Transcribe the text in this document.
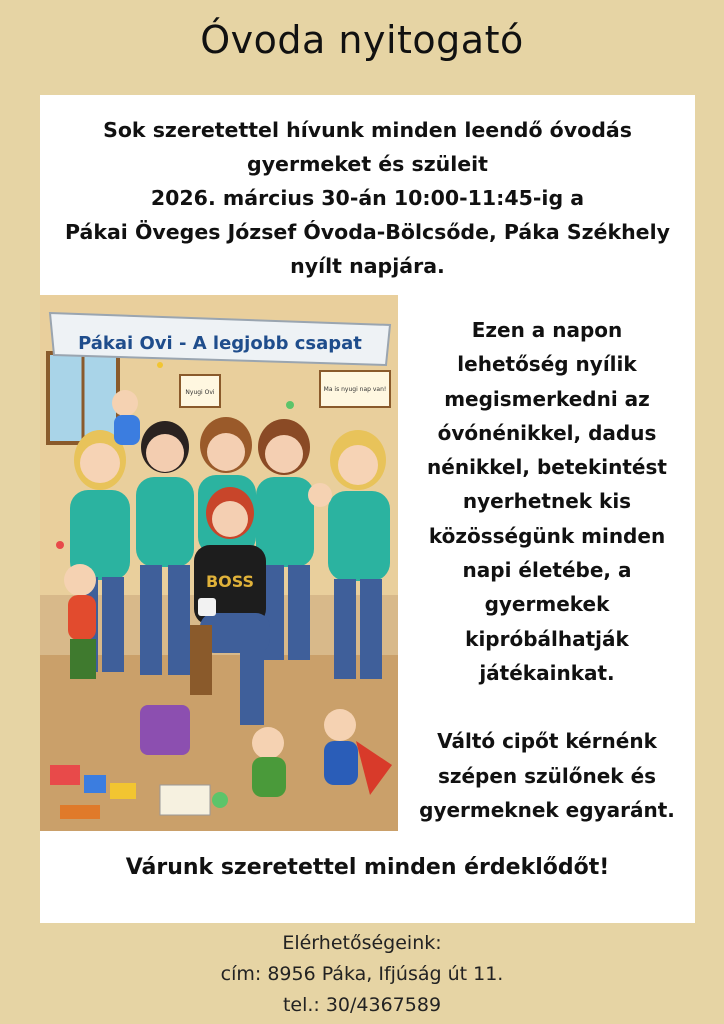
Óvoda nyitogató
Sok szeretettel hívunk minden leendő óvodás
gyermeket és szüleit
2026. március 30-án 10:00-11:45-ig a
Pákai Öveges József Óvoda-Bölcsőde, Páka Székhely
nyílt napjára.
Pákai Ovi - A legjobb csapat
Nyugi Ovi	Ma is nyugi nap van!
BOSS
Ezen a napon
lehetőség nyílik
megismerkedni az
óvónénikkel, dadus
nénikkel, betekintést
nyerhetnek kis
közösségünk minden
napi életébe, a
gyermekek
kipróbálhatják
játékainkat.
Váltó cipőt kérnénk
szépen szülőnek és
gyermeknek egyaránt.
Várunk szeretettel minden érdeklődőt!
Elérhetőségeink:
cím: 8956 Páka, Ifjúság út 11.
tel.: 30/4367589
